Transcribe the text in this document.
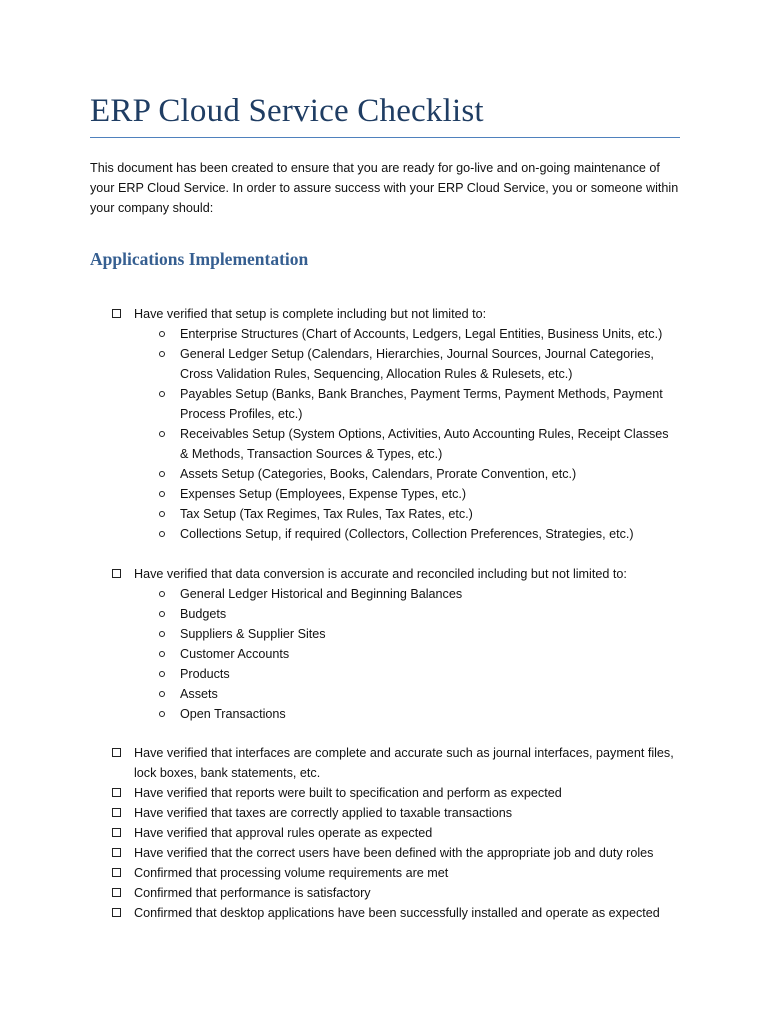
ERP Cloud Service Checklist

This document has been created to ensure that you are ready for go-live and on-going maintenance of your ERP Cloud Service. In order to assure success with your ERP Cloud Service, you or someone within your company should:

Applications Implementation
Have verified that setup is complete including but not limited to:
Enterprise Structures (Chart of Accounts, Ledgers, Legal Entities, Business Units, etc.)
General Ledger Setup (Calendars, Hierarchies, Journal Sources, Journal Categories, Cross Validation Rules, Sequencing, Allocation Rules & Rulesets, etc.)
Payables Setup (Banks, Bank Branches, Payment Terms, Payment Methods, Payment Process Profiles, etc.)
Receivables Setup (System Options, Activities, Auto Accounting Rules, Receipt Classes & Methods, Transaction Sources & Types, etc.)
Assets Setup (Categories, Books, Calendars, Prorate Convention, etc.)
Expenses Setup (Employees, Expense Types, etc.)
Tax Setup (Tax Regimes, Tax Rules, Tax Rates, etc.)
Collections Setup, if required (Collectors, Collection Preferences, Strategies, etc.)
Have verified that data conversion is accurate and reconciled including but not limited to:
General Ledger Historical and Beginning Balances
Budgets
Suppliers & Supplier Sites
Customer Accounts
Products
Assets
Open Transactions
Have verified that interfaces are complete and accurate such as journal interfaces, payment files, lock boxes, bank statements, etc.
Have verified that reports were built to specification and perform as expected
Have verified that taxes are correctly applied to taxable transactions
Have verified that approval rules operate as expected
Have verified that the correct users have been defined with the appropriate job and duty roles
Confirmed that processing volume requirements are met
Confirmed that performance is satisfactory
Confirmed that desktop applications have been successfully installed and operate as expected
